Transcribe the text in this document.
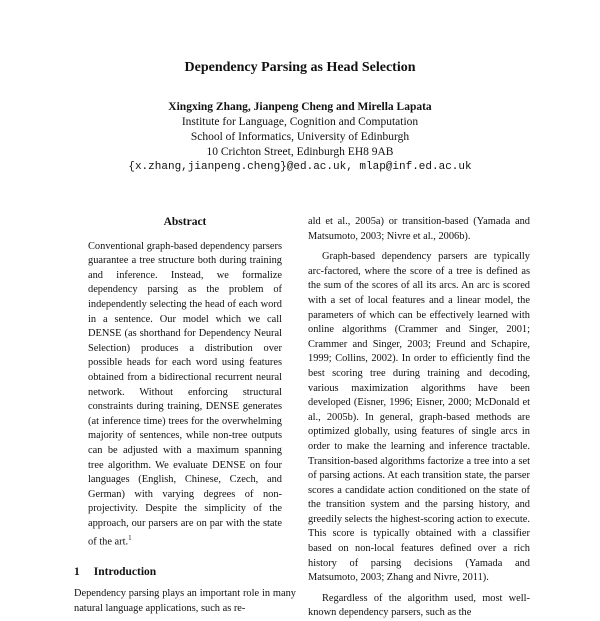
Dependency Parsing as Head Selection
Xingxing Zhang, Jianpeng Cheng and Mirella Lapata
Institute for Language, Cognition and Computation
School of Informatics, University of Edinburgh
10 Crichton Street, Edinburgh EH8 9AB
{x.zhang,jianpeng.cheng}@ed.ac.uk, mlap@inf.ed.ac.uk
Abstract

Conventional graph-based dependency parsers guarantee a tree structure both during training and inference. Instead, we formalize dependency parsing as the problem of independently selecting the head of each word in a sentence. Our model which we call DENSE (as shorthand for Dependency Neural Selection) produces a distribution over possible heads for each word using features obtained from a bidirectional recurrent neural network. Without enforcing structural constraints during training, DENSE generates (at inference time) trees for the overwhelming majority of sentences, while non-tree outputs can be adjusted with a maximum spanning tree algorithm. We evaluate DENSE on four languages (English, Chinese, Czech, and German) with varying degrees of non-projectivity. Despite the simplicity of the approach, our parsers are on par with the state of the art.$^1$

1 Introduction

Dependency parsing plays an important role in many natural language applications, such as re-

ald et al., 2005a) or transition-based (Yamada and Matsumoto, 2003; Nivre et al., 2006b).

Graph-based dependency parsers are typically arc-factored, where the score of a tree is defined as the sum of the scores of all its arcs. An arc is scored with a set of local features and a linear model, the parameters of which can be effectively learned with online algorithms (Crammer and Singer, 2001; Crammer and Singer, 2003; Freund and Schapire, 1999; Collins, 2002). In order to efficiently find the best scoring tree during training and decoding, various maximization algorithms have been developed (Eisner, 1996; Eisner, 2000; McDonald et al., 2005b). In general, graph-based methods are optimized globally, using features of single arcs in order to make the learning and inference tractable. Transition-based algorithms factorize a tree into a set of parsing actions. At each transition state, the parser scores a candidate action conditioned on the state of the transition system and the parsing history, and greedily selects the highest-scoring action to execute. This score is typically obtained with a classifier based on non-local features defined over a rich history of parsing decisions (Yamada and Matsumoto, 2003; Zhang and Nivre, 2011).

Regardless of the algorithm used, most well-known dependency parsers, such as the
